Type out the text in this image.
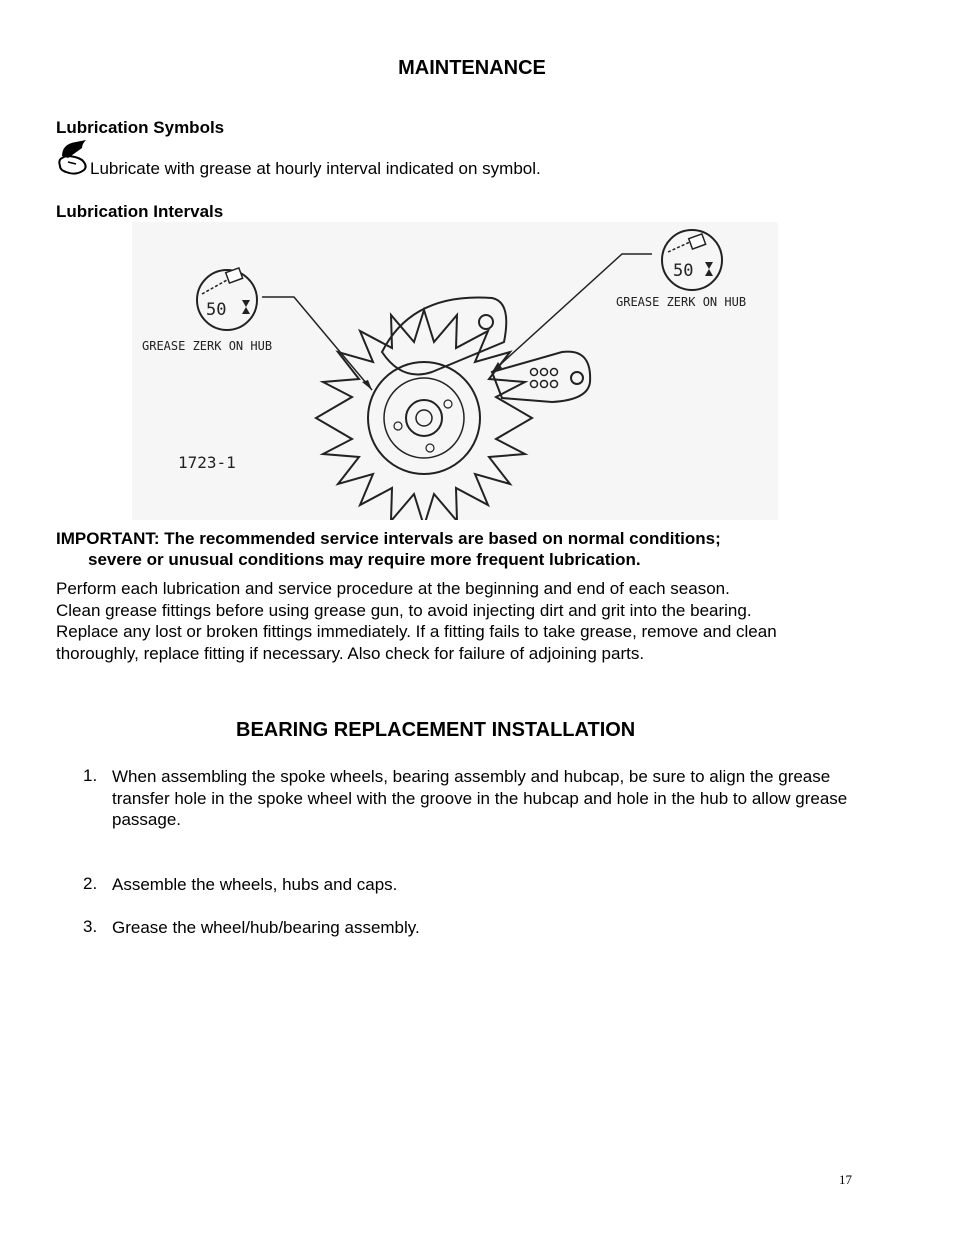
MAINTENANCE
Lubrication Symbols
Lubricate with grease at hourly interval indicated on symbol.
Lubrication Intervals
50
GREASE ZERK ON HUB
1723-1
50
GREASE ZERK ON HUB
IMPORTANT: The recommended service intervals are based on normal conditions;
severe or unusual conditions may require more frequent lubrication.
Perform each lubrication and service procedure at the beginning and end of each season.
Clean grease fittings before using grease gun, to avoid injecting dirt and grit into the bearing.
Replace any lost or broken fittings immediately. If a fitting fails to take grease, remove and clean
thoroughly, replace fitting if necessary. Also check for failure of adjoining parts.
BEARING REPLACEMENT INSTALLATION
1. When assembling the spoke wheels, bearing assembly and hubcap, be sure to align the grease transfer hole in the spoke wheel with the groove in the hubcap and hole in the hub to allow grease passage.
2. Assemble the wheels, hubs and caps.
3. Grease the wheel/hub/bearing assembly.
17
